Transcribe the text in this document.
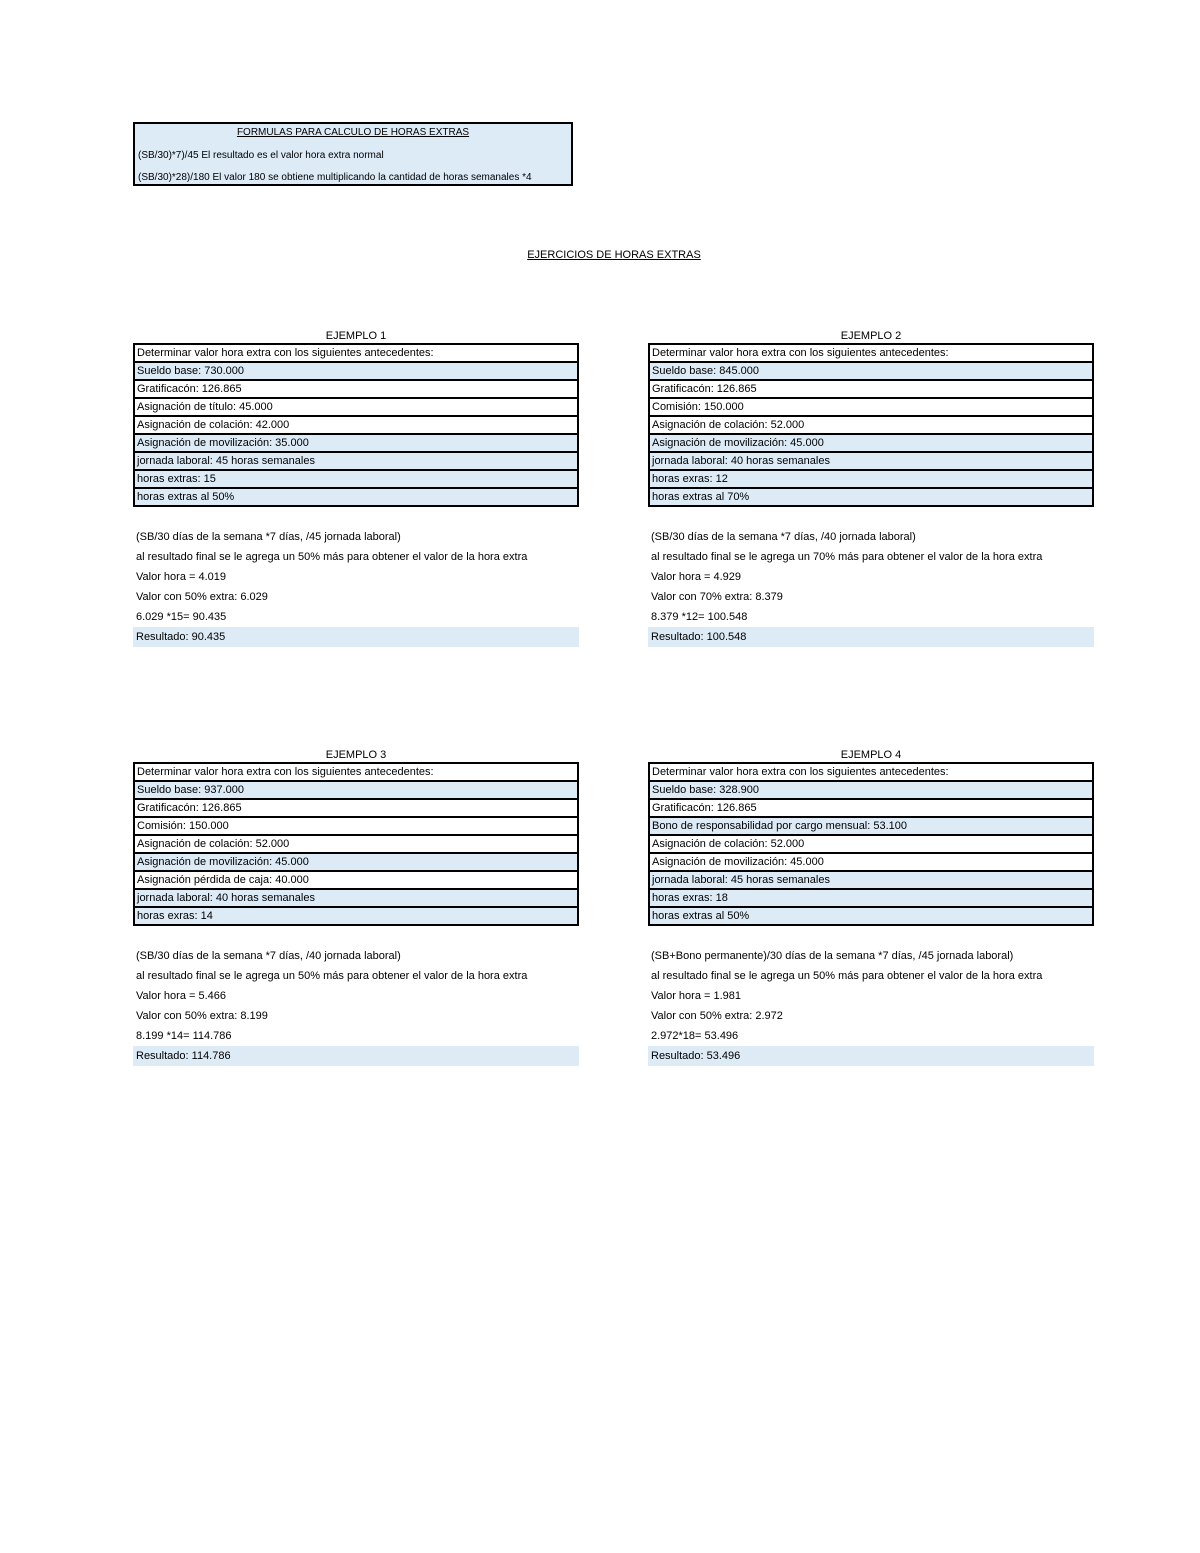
FORMULAS PARA CALCULO DE HORAS EXTRAS
(SB/30)*7)/45 El resultado es el valor hora extra normal
(SB/30)*28)/180 El valor 180 se obtiene multiplicando la cantidad de horas semanales *4
EJERCICIOS DE HORAS EXTRAS
EJEMPLO 1
Determinar valor hora extra con los siguientes antecedentes:
Sueldo base: 730.000
Gratificacón: 126.865
Asignación de título: 45.000
Asignación de colación: 42.000
Asignación de movilización: 35.000
jornada laboral: 45 horas semanales
horas extras: 15
horas extras al 50%
(SB/30 días de la semana *7 días, /45 jornada laboral)
al resultado final se le agrega un 50% más para obtener el valor de la hora extra
Valor hora = 4.019
Valor con 50% extra: 6.029
6.029 *15= 90.435
Resultado: 90.435
EJEMPLO 2
Determinar valor hora extra con los siguientes antecedentes:
Sueldo base: 845.000
Gratificacón: 126.865
Comisión: 150.000
Asignación de colación: 52.000
Asignación de movilización: 45.000
jornada laboral: 40 horas semanales
horas exras: 12
horas extras al 70%
(SB/30 días de la semana *7 días, /40 jornada laboral)
al resultado final se le agrega un 70% más para obtener el valor de la hora extra
Valor hora = 4.929
Valor con 70% extra: 8.379
8.379 *12= 100.548
Resultado: 100.548
EJEMPLO 3
Determinar valor hora extra con los siguientes antecedentes:
Sueldo base: 937.000
Gratificacón: 126.865
Comisión: 150.000
Asignación de colación: 52.000
Asignación de movilización: 45.000
Asignación pérdida de caja: 40.000
jornada laboral: 40 horas semanales
horas exras: 14
(SB/30 días de la semana *7 días, /40 jornada laboral)
al resultado final se le agrega un 50% más para obtener el valor de la hora extra
Valor hora = 5.466
Valor con 50% extra: 8.199
8.199 *14= 114.786
Resultado: 114.786
EJEMPLO 4
Determinar valor hora extra con los siguientes antecedentes:
Sueldo base: 328.900
Gratificacón: 126.865
Bono de responsabilidad por cargo mensual: 53.100
Asignación de colación: 52.000
Asignación de movilización: 45.000
jornada laboral: 45 horas semanales
horas exras: 18
horas extras al 50%
(SB+Bono permanente)/30 días de la semana *7 días, /45 jornada laboral)
al resultado final se le agrega un 50% más para obtener el valor de la hora extra
Valor hora = 1.981
Valor con 50% extra: 2.972
2.972*18= 53.496
Resultado: 53.496
